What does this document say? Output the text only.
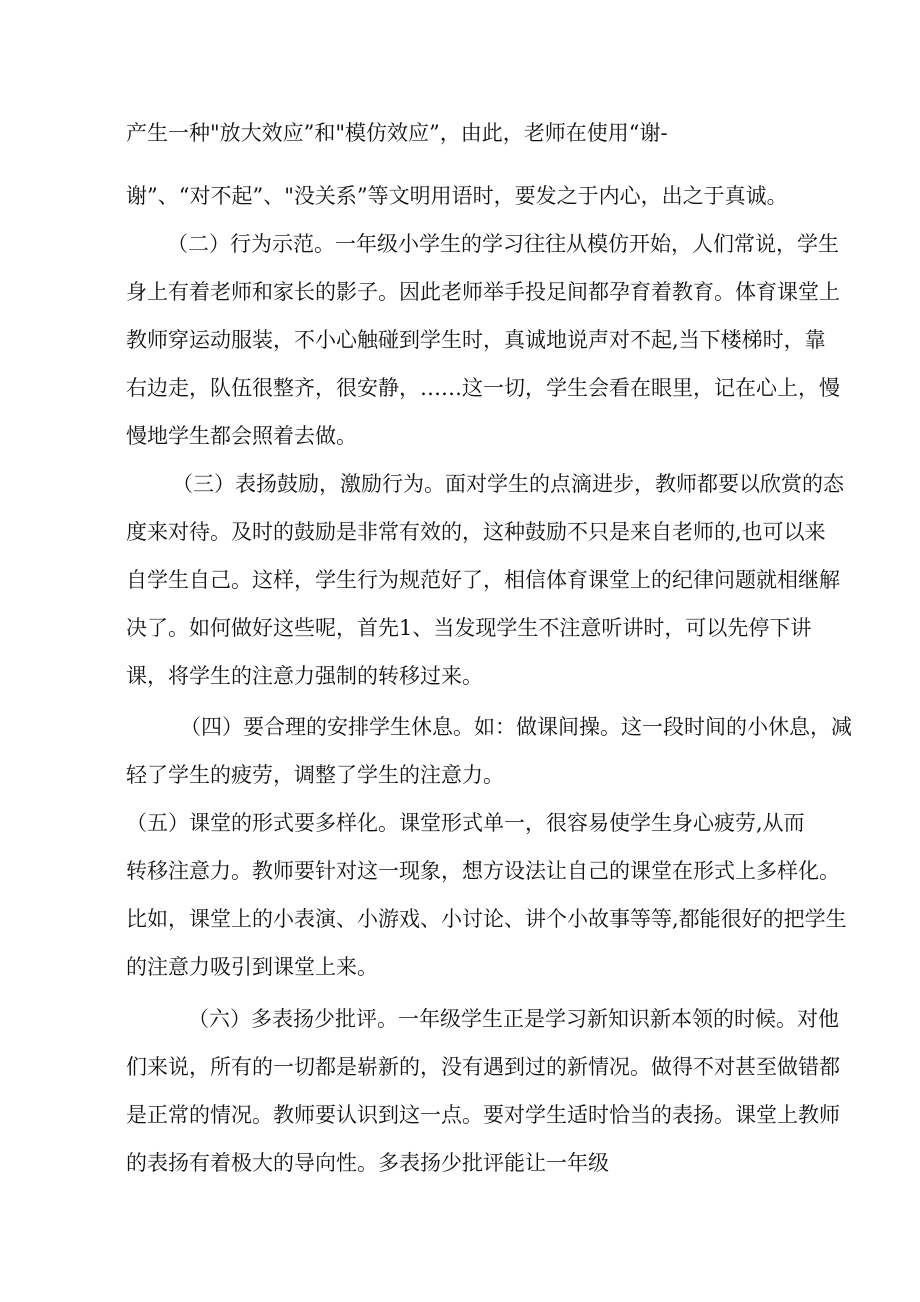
产生一种"放大效应”和"模仿效应”，由此，老师在使用“谢-
谢”、“对不起”、"没关系”等文明用语时，要发之于内心，出之于真诚。
（二）行为示范。一年级小学生的学习往往从模仿开始，人们常说，学生
身上有着老师和家长的影子。因此老师举手投足间都孕育着教育。体育课堂上
教师穿运动服装，不小心触碰到学生时，真诚地说声对不起,当下楼梯时，靠
右边走，队伍很整齐，很安静，……这一切，学生会看在眼里，记在心上，慢
慢地学生都会照着去做。
（三）表扬鼓励，激励行为。面对学生的点滴进步，教师都要以欣赏的态
度来对待。及时的鼓励是非常有效的，这种鼓励不只是来自老师的,也可以来
自学生自己。这样，学生行为规范好了，相信体育课堂上的纪律问题就相继解
决了。如何做好这些呢，首先1、当发现学生不注意听讲时，可以先停下讲
课，将学生的注意力强制的转移过来。
（四）要合理的安排学生休息。如：做课间操。这一段时间的小休息，减
轻了学生的疲劳，调整了学生的注意力。
（五）课堂的形式要多样化。课堂形式单一，很容易使学生身心疲劳,从而
转移注意力。教师要针对这一现象，想方设法让自己的课堂在形式上多样化。
比如，课堂上的小表演、小游戏、小讨论、讲个小故事等等,都能很好的把学生
的注意力吸引到课堂上来。
（六）多表扬少批评。一年级学生正是学习新知识新本领的时候。对他
们来说，所有的一切都是崭新的，没有遇到过的新情况。做得不对甚至做错都
是正常的情况。教师要认识到这一点。要对学生适时恰当的表扬。课堂上教师
的表扬有着极大的导向性。多表扬少批评能让一年级
